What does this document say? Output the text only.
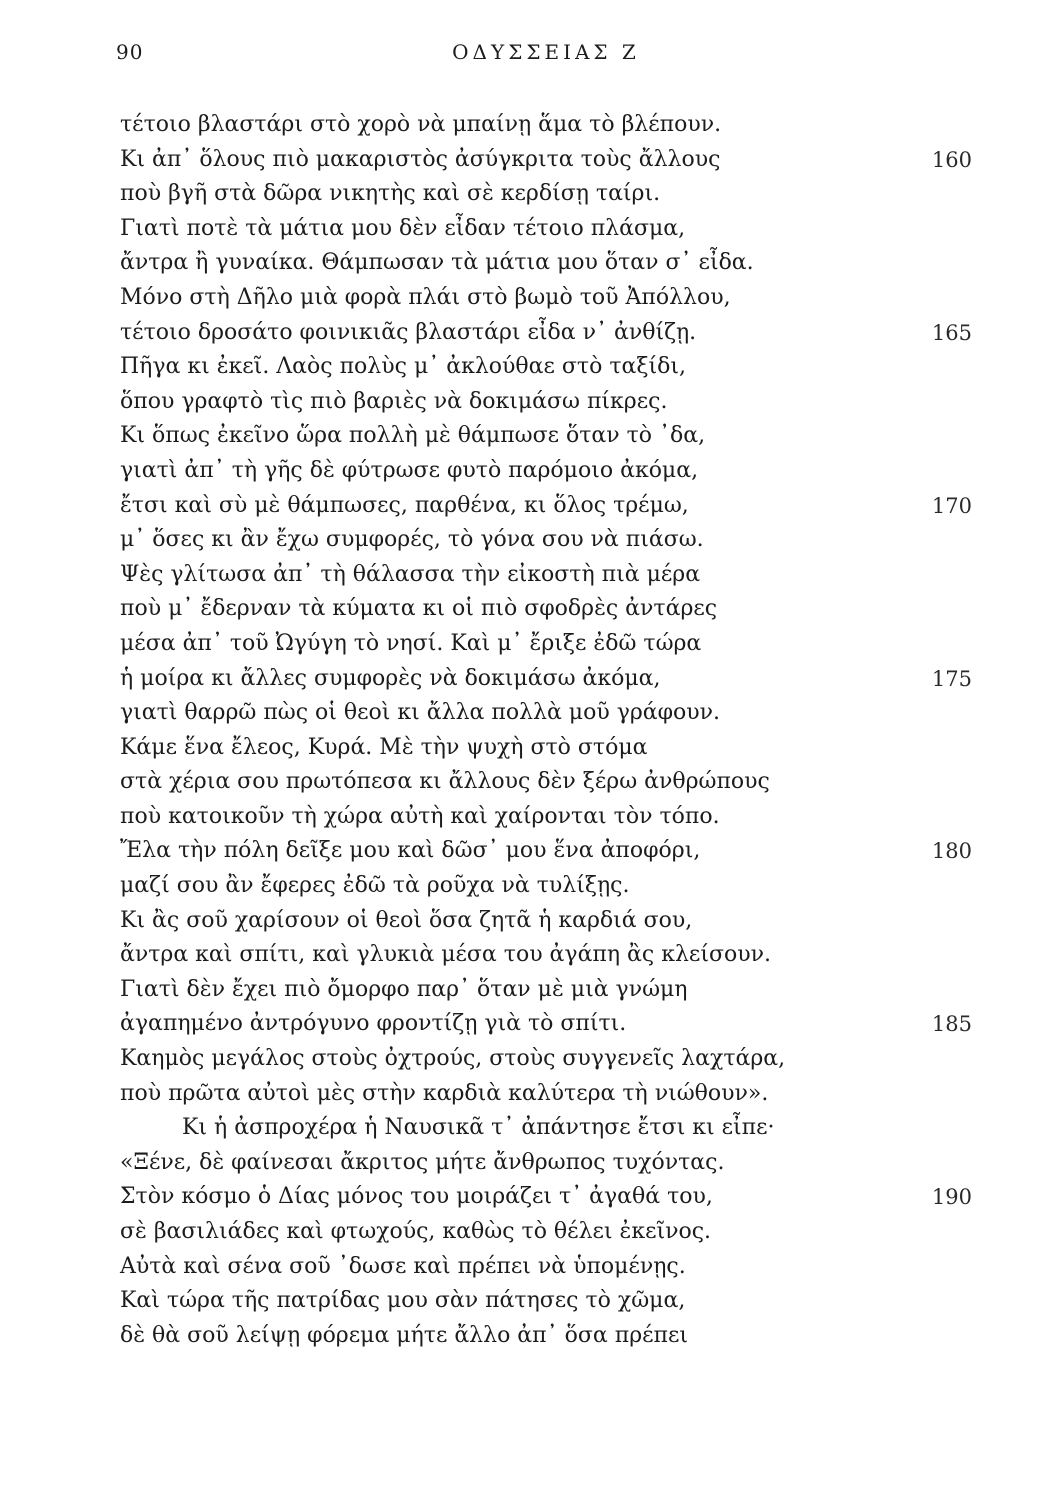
90	ΟΔΥΣΣΕΙΑΣ Ζ
τέτοιο βλαστάρι στὸ χορὸ νὰ μπαίνῃ ἅμα τὸ βλέπουν.
Κι ἀπ᾽ ὅλους πιὸ μακαριστὸς ἀσύγκριτα τοὺς ἄλλους	160
ποὺ βγῆ στὰ δῶρα νικητὴς καὶ σὲ κερδίσῃ ταίρι.
Γιατὶ ποτὲ τὰ μάτια μου δὲν εἶδαν τέτοιο πλάσμα,
ἄντρα ἢ γυναίκα. Θάμπωσαν τὰ μάτια μου ὅταν σ᾽ εἶδα.
Μόνο στὴ Δῆλο μιὰ φορὰ πλάι στὸ βωμὸ τοῦ Ἀπόλλου,
τέτοιο δροσάτο φοινικιᾶς βλαστάρι εἶδα ν᾽ ἀνθίζῃ.	165
Πῆγα κι ἐκεῖ. Λαὸς πολὺς μ᾽ ἀκλούθαε στὸ ταξίδι,
ὅπου γραφτὸ τὶς πιὸ βαριὲς νὰ δοκιμάσω πίκρες.
Κι ὅπως ἐκεῖνο ὥρα πολλὴ μὲ θάμπωσε ὅταν τὸ ᾽δα,
γιατὶ ἀπ᾽ τὴ γῆς δὲ φύτρωσε φυτὸ παρόμοιο ἀκόμα,
ἔτσι καὶ σὺ μὲ θάμπωσες, παρθένα, κι ὅλος τρέμω,	170
μ᾽ ὅσες κι ἂν ἔχω συμφορές, τὸ γόνα σου νὰ πιάσω.
Ψὲς γλίτωσα ἀπ᾽ τὴ θάλασσα τὴν εἰκοστὴ πιὰ μέρα
ποὺ μ᾽ ἔδερναν τὰ κύματα κι οἱ πιὸ σφοδρὲς ἀντάρες
μέσα ἀπ᾽ τοῦ Ὠγύγη τὸ νησί. Καὶ μ᾽ ἔριξε ἐδῶ τώρα
ἡ μοίρα κι ἄλλες συμφορὲς νὰ δοκιμάσω ἀκόμα,	175
γιατὶ θαρρῶ πὼς οἱ θεοὶ κι ἄλλα πολλὰ μοῦ γράφουν.
Κάμε ἕνα ἔλεος, Κυρά. Μὲ τὴν ψυχὴ στὸ στόμα
στὰ χέρια σου πρωτόπεσα κι ἄλλους δὲν ξέρω ἀνθρώπους
ποὺ κατοικοῦν τὴ χώρα αὐτὴ καὶ χαίρονται τὸν τόπο.
Ἔλα τὴν πόλη δεῖξε μου καὶ δῶσ᾽ μου ἕνα ἀποφόρι,	180
μαζί σου ἂν ἔφερες ἐδῶ τὰ ροῦχα νὰ τυλίξῃς.
Κι ἂς σοῦ χαρίσουν οἱ θεοὶ ὅσα ζητᾶ ἡ καρδιά σου,
ἄντρα καὶ σπίτι, καὶ γλυκιὰ μέσα του ἀγάπη ἂς κλείσουν.
Γιατὶ δὲν ἔχει πιὸ ὄμορφο παρ᾽ ὅταν μὲ μιὰ γνώμη
ἀγαπημένο ἀντρόγυνο φροντίζῃ γιὰ τὸ σπίτι.	185
Καημὸς μεγάλος στοὺς ὀχτρούς, στοὺς συγγενεῖς λαχτάρα,
ποὺ πρῶτα αὐτοὶ μὲς στὴν καρδιὰ καλύτερα τὴ νιώθουν».
Κι ἡ ἀσπροχέρα ἡ Ναυσικᾶ τ᾽ ἀπάντησε ἔτσι κι εἶπε·
«Ξένε, δὲ φαίνεσαι ἄκριτος μήτε ἄνθρωπος τυχόντας.
Στὸν κόσμο ὁ Δίας μόνος του μοιράζει τ᾽ ἀγαθά του,	190
σὲ βασιλιάδες καὶ φτωχούς, καθὼς τὸ θέλει ἐκεῖνος.
Αὐτὰ καὶ σένα σοῦ ᾽δωσε καὶ πρέπει νὰ ὑπομένῃς.
Καὶ τώρα τῆς πατρίδας μου σὰν πάτησες τὸ χῶμα,
δὲ θὰ σοῦ λείψῃ φόρεμα μήτε ἄλλο ἀπ᾽ ὅσα πρέπει
